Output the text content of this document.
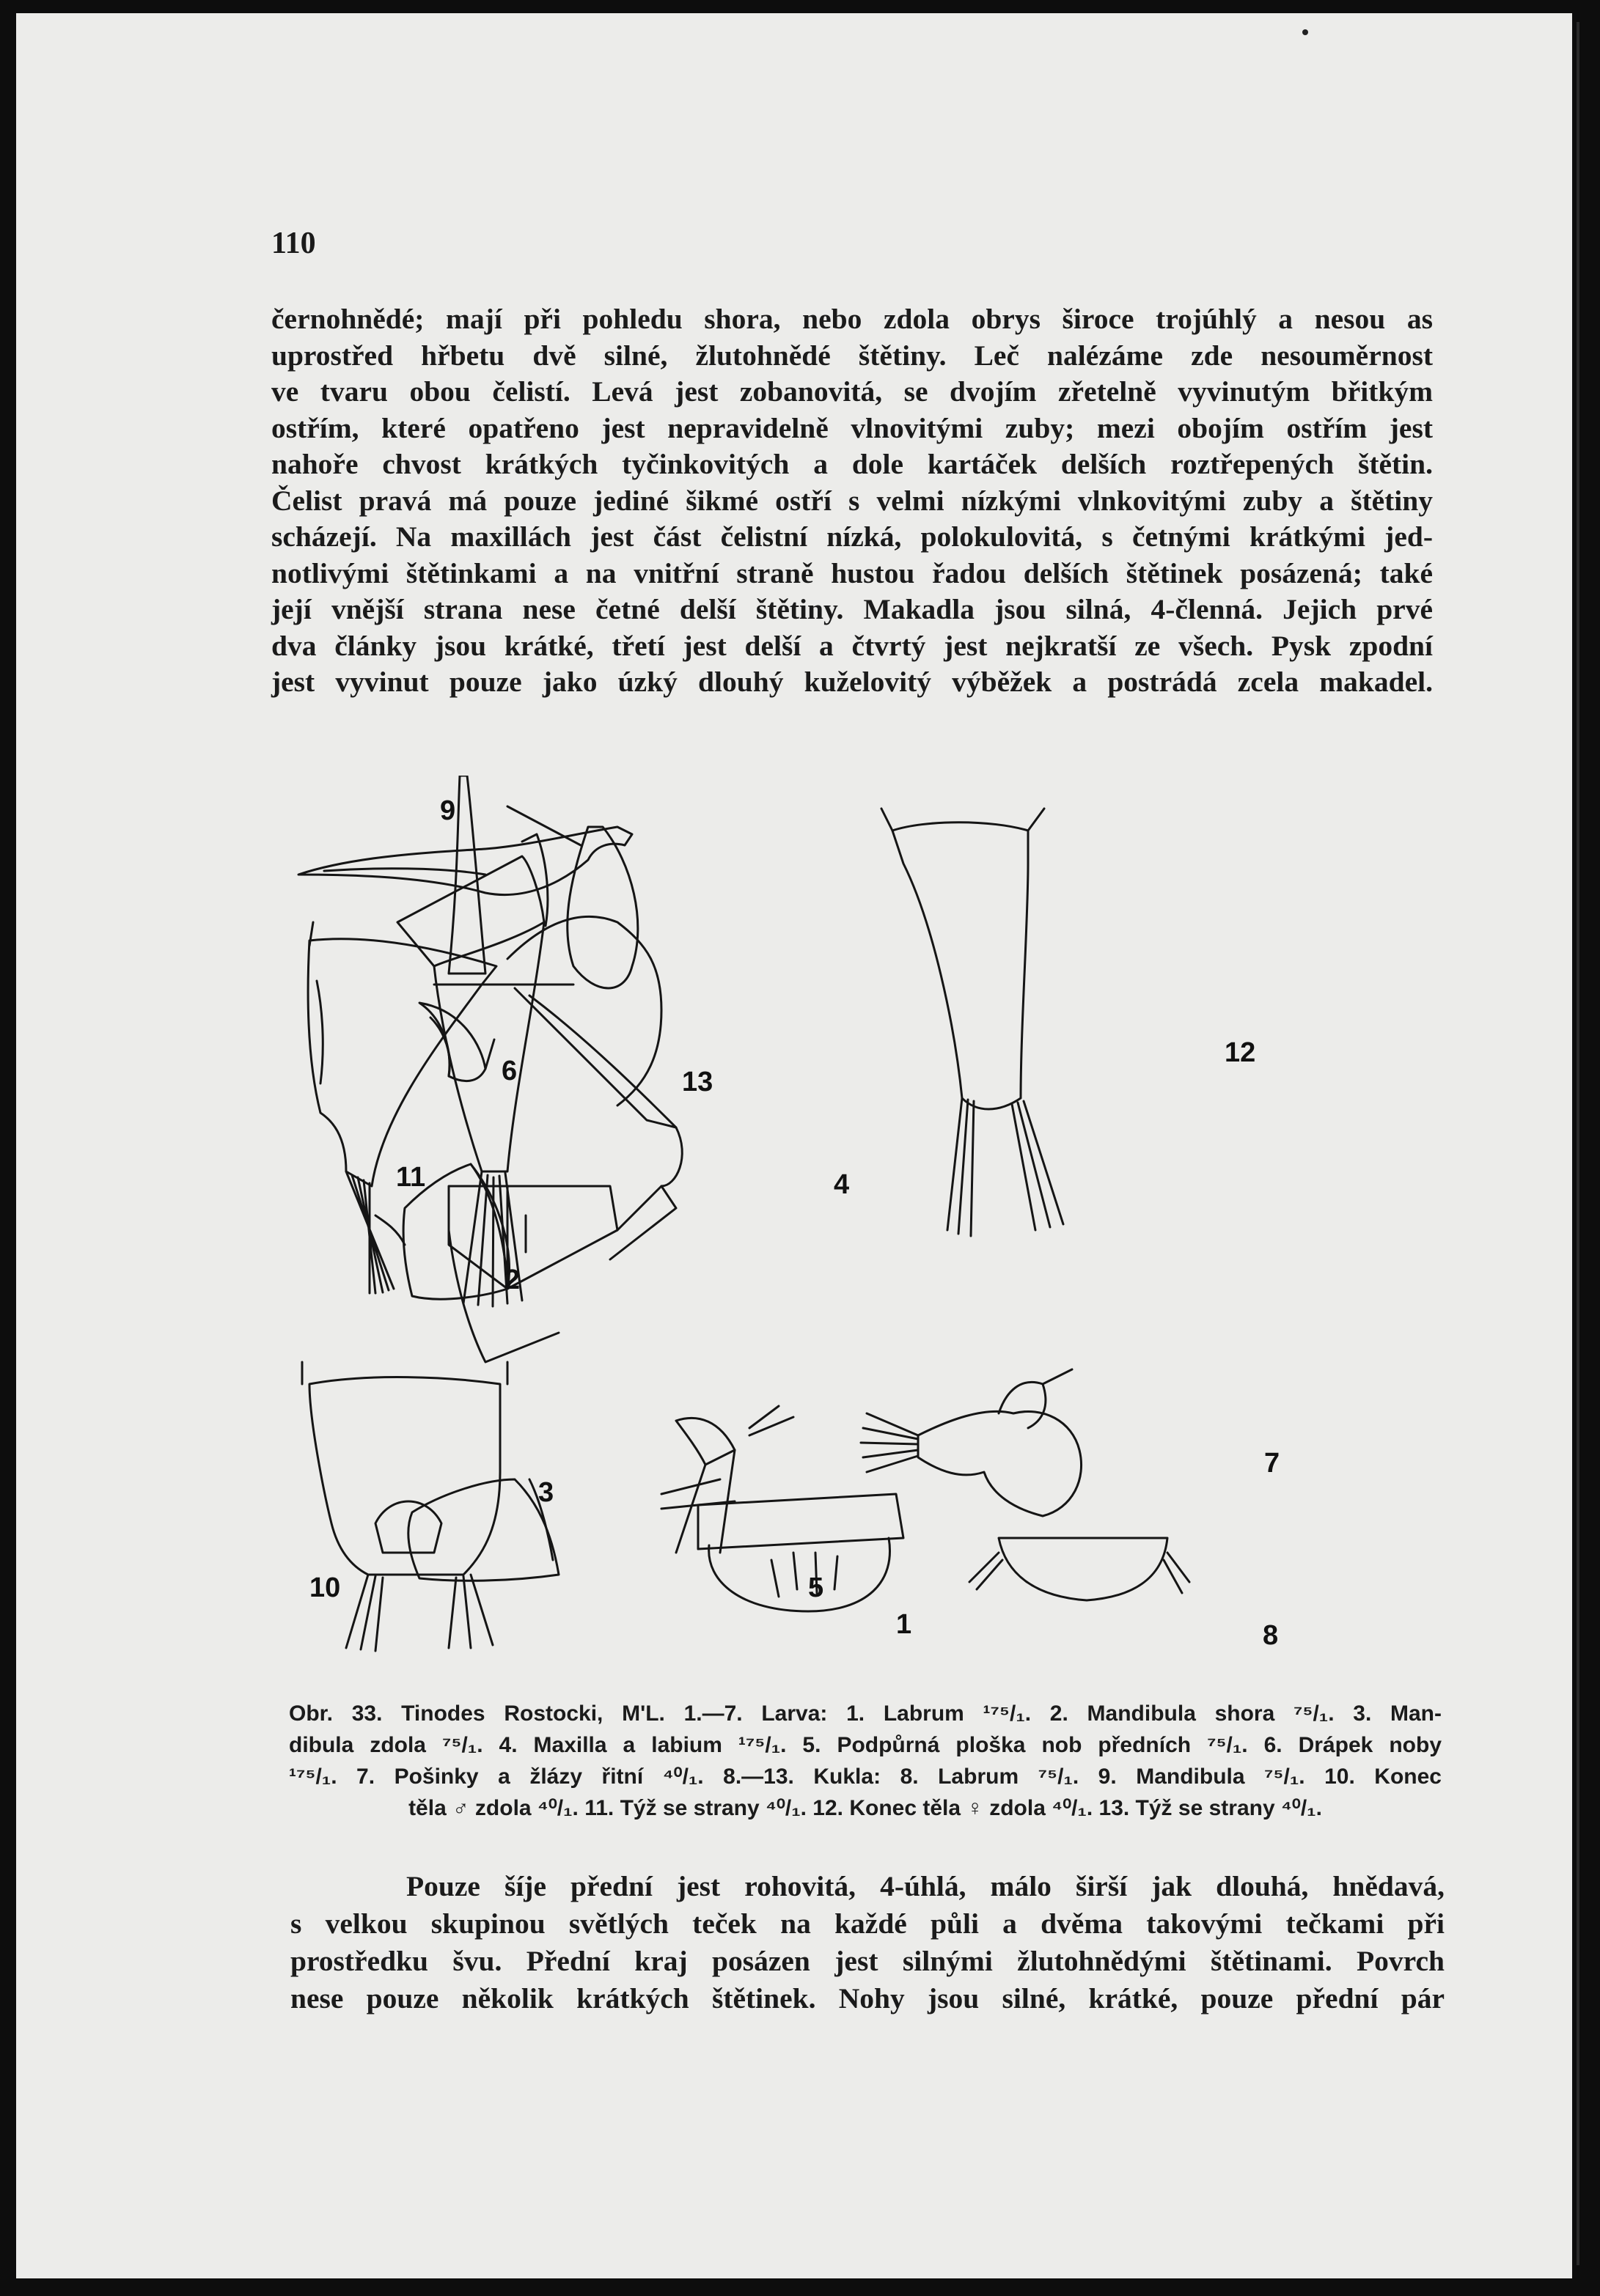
110
černohnědé; mají při pohledu shora, nebo zdola obrys široce trojúhlý a nesou as
uprostřed hřbetu dvě silné, žlutohnědé štětiny. Leč nalézáme zde nesouměrnost
ve tvaru obou čelistí. Levá jest zobanovitá, se dvojím zřetelně vyvinutým břitkým
ostřím, které opatřeno jest nepravidelně vlnovitými zuby; mezi obojím ostřím jest
nahoře chvost krátkých tyčinkovitých a dole kartáček delších roztřepených štětin.
Čelist pravá má pouze jediné šikmé ostří s velmi nízkými vlnkovitými zuby a štětiny
scházejí. Na maxillách jest část čelistní nízká, polokulovitá, s četnými krátkými jed-
notlivými štětinkami a na vnitřní straně hustou řadou delších štětinek posázená; také
její vnější strana nese četné delší štětiny. Makadla jsou silná, 4-členná. Jejich prvé
dva články jsou krátké, třetí jest delší a čtvrtý jest nejkratší ze všech. Pysk zpodní
jest vyvinut pouze jako úzký dlouhý kuželovitý výběžek a postrádá zcela makadel.
9
6	13
12
11	4
2
3
5
7
10
1	8
Obr. 33. Tinodes Rostocki, M'L. 1.—7. Larva: 1. Labrum ¹⁷⁵/₁. 2. Mandibula shora ⁷⁵/₁. 3. Man-
dibula zdola ⁷⁵/₁. 4. Maxilla a labium ¹⁷⁵/₁. 5. Podpůrná ploška nob předních ⁷⁵/₁. 6. Drápek noby
¹⁷⁵/₁. 7. Pošinky a žlázy řitní ⁴⁰/₁. 8.—13. Kukla: 8. Labrum ⁷⁵/₁. 9. Mandibula ⁷⁵/₁. 10. Konec
těla ♂ zdola ⁴⁰/₁. 11. Týž se strany ⁴⁰/₁. 12. Konec těla ♀ zdola ⁴⁰/₁. 13. Týž se strany ⁴⁰/₁.
Pouze šíje přední jest rohovitá, 4-úhlá, málo širší jak dlouhá, hnědavá,
s velkou skupinou světlých teček na každé půli a dvěma takovými tečkami při
prostředku švu. Přední kraj posázen jest silnými žlutohnědými štětinami. Povrch
nese pouze několik krátkých štětinek. Nohy jsou silné, krátké, pouze přední pár
